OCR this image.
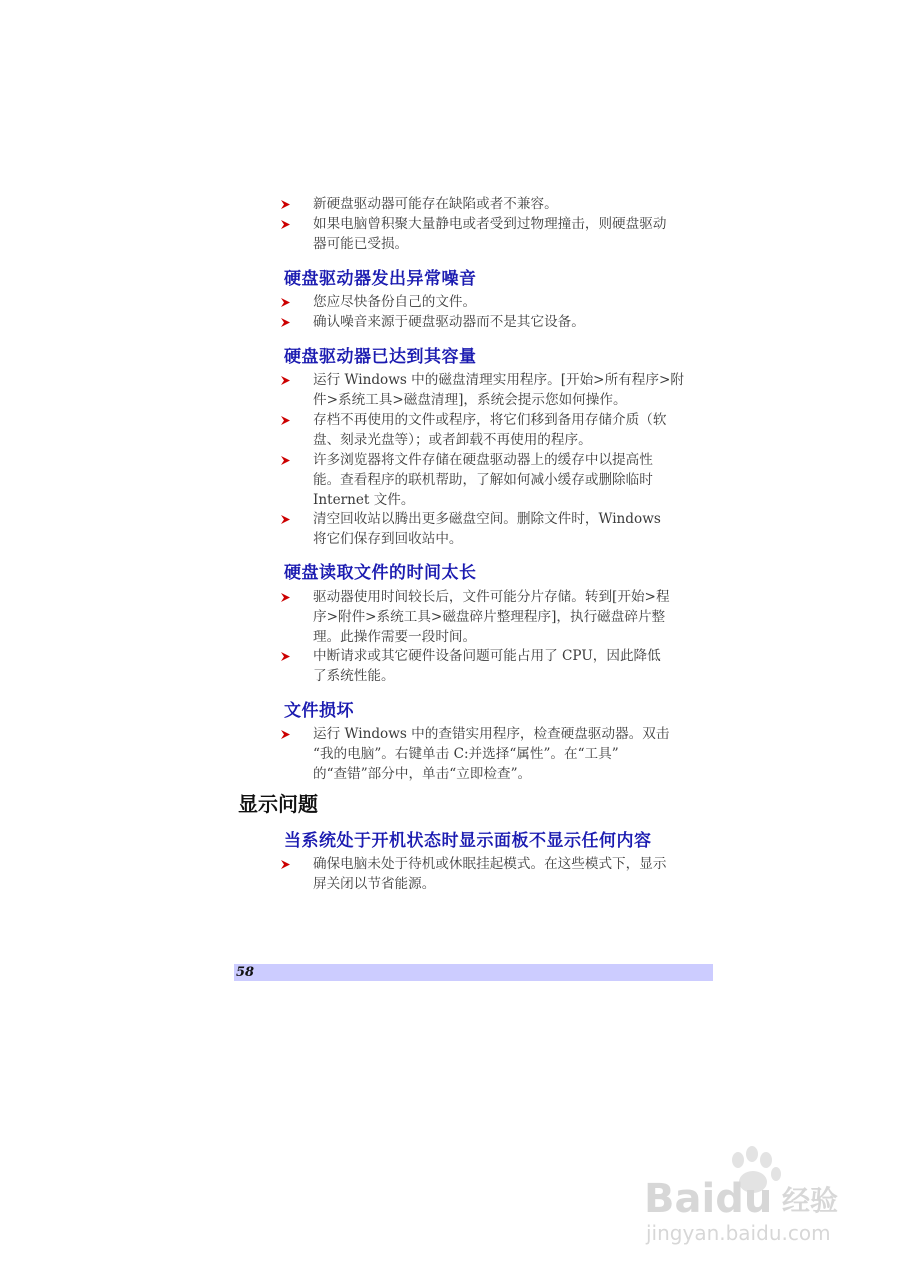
新硬盘驱动器可能存在缺陷或者不兼容。
如果电脑曾积聚大量静电或者受到过物理撞击，则硬盘驱动
器可能已受损。
硬盘驱动器发出异常噪音
您应尽快备份自己的文件。
确认噪音来源于硬盘驱动器而不是其它设备。
硬盘驱动器已达到其容量
运行 Windows 中的磁盘清理实用程序。[开始>所有程序>附
件>系统工具>磁盘清理]，系统会提示您如何操作。
存档不再使用的文件或程序，将它们移到备用存储介质（软
盘、刻录光盘等）；或者卸载不再使用的程序。
许多浏览器将文件存储在硬盘驱动器上的缓存中以提高性
能。查看程序的联机帮助，了解如何减小缓存或删除临时
Internet 文件。
清空回收站以腾出更多磁盘空间。删除文件时，Windows
将它们保存到回收站中。
硬盘读取文件的时间太长
驱动器使用时间较长后，文件可能分片存储。转到[开始>程
序>附件>系统工具>磁盘碎片整理程序]，执行磁盘碎片整
理。此操作需要一段时间。
中断请求或其它硬件设备问题可能占用了 CPU，因此降低
了系统性能。
文件损坏
运行 Windows 中的查错实用程序，检查硬盘驱动器。双击
“我的电脑”。右键单击 C:并选择“属性”。在“工具”
的“查错”部分中，单击“立即检查”。
显示问题
当系统处于开机状态时显示面板不显示任何内容
确保电脑未处于待机或休眠挂起模式。在这些模式下，显示
屏关闭以节省能源。
58
Baidu 经验
jingyan.baidu.com
